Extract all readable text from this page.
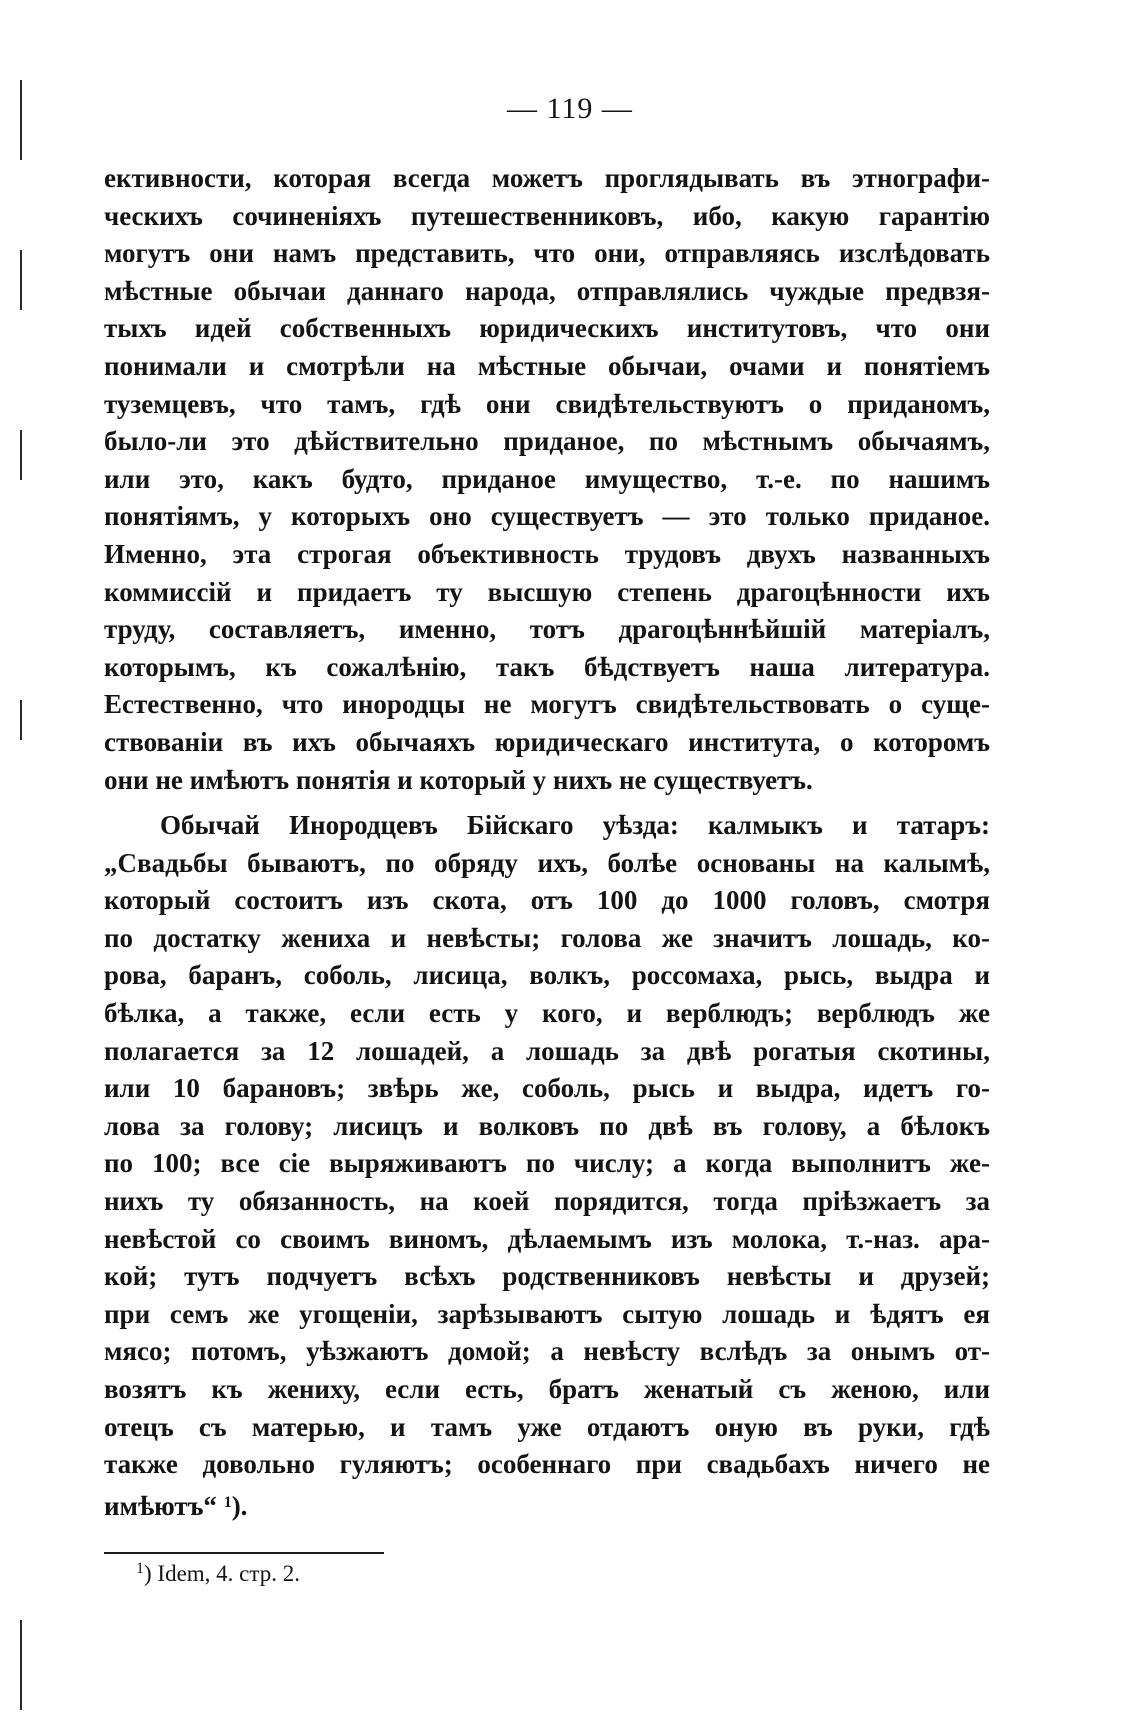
— 119 —
ективности, которая всегда можетъ проглядывать въ этнографи-
ческихъ сочиненіяхъ путешественниковъ, ибо, какую гарантію
могутъ они намъ представить, что они, отправляясь изслѣдовать
мѣстные обычаи даннаго народа, отправлялись чуждые предвзя-
тыхъ идей собственныхъ юридическихъ институтовъ, что они
понимали и смотрѣли на мѣстные обычаи, очами и понятіемъ
туземцевъ, что тамъ, гдѣ они свидѣтельствуютъ о приданомъ,
было-ли это дѣйствительно приданое, по мѣстнымъ обычаямъ,
или это, какъ будто, приданое имущество, т.-е. по нашимъ
понятіямъ, у которыхъ оно существуетъ — это только приданое.
Именно, эта строгая объективность трудовъ двухъ названныхъ
коммиссій и придаетъ ту высшую степень драгоцѣнности ихъ
труду, составляетъ, именно, тотъ драгоцѣннѣйшій матеріалъ,
которымъ, къ сожалѣнію, такъ бѣдствуетъ наша литература.
Естественно, что инородцы не могутъ свидѣтельствовать о суще-
ствованіи въ ихъ обычаяхъ юридическаго института, о которомъ
они не имѣютъ понятія и который у нихъ не существуетъ.
Обычай Инородцевъ Бійскаго уѣзда: калмыкъ и татаръ:
„Свадьбы бываютъ, по обряду ихъ, болѣе основаны на калымѣ,
который состоитъ изъ скота, отъ 100 до 1000 головъ, смотря
по достатку жениха и невѣсты; голова же значитъ лошадь, ко-
рова, баранъ, соболь, лисица, волкъ, россомаха, рысь, выдра и
бѣлка, а также, если есть у кого, и верблюдъ; верблюдъ же
полагается за 12 лошадей, а лошадь за двѣ рогатыя скотины,
или 10 барановъ; звѣрь же, соболь, рысь и выдра, идетъ го-
лова за голову; лисицъ и волковъ по двѣ въ голову, а бѣлокъ
по 100; все сіе выряживаютъ по числу; а когда выполнитъ же-
нихъ ту обязанность, на коей порядится, тогда пріѣзжаетъ за
невѣстой со своимъ виномъ, дѣлаемымъ изъ молока, т.-наз. ара-
кой; тутъ подчуетъ всѣхъ родственниковъ невѣсты и друзей;
при семъ же угощеніи, зарѣзываютъ сытую лошадь и ѣдятъ ея
мясо; потомъ, уѣзжаютъ домой; а невѣсту вслѣдъ за онымъ от-
возятъ къ жениху, если есть, братъ женатый съ женою, или
отецъ съ матерью, и тамъ уже отдаютъ оную въ руки, гдѣ
также довольно гуляютъ; особеннаго при свадьбахъ ничего не
имѣютъ“ $^1$).
$^1$) Idem, 4. стр. 2.
